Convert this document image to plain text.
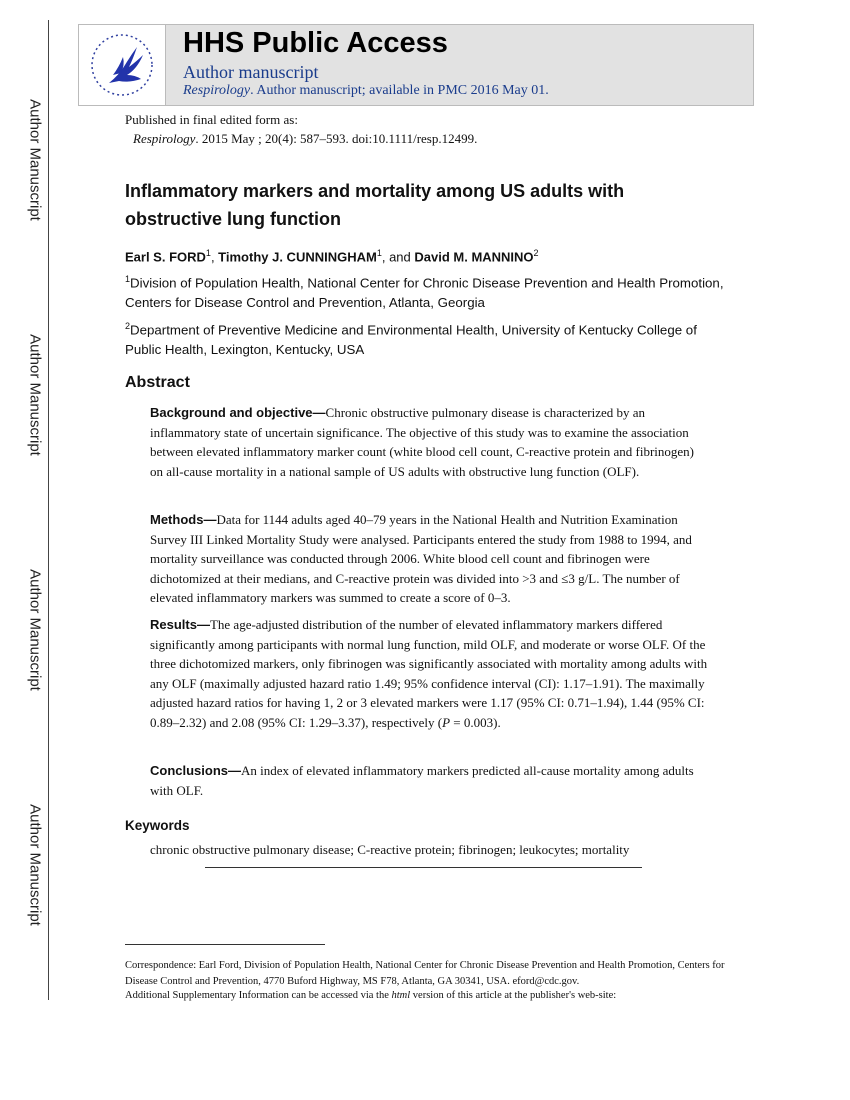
Author Manuscript
Author Manuscript
Author Manuscript
Author Manuscript
HHS Public Access
Author manuscript
Respirology. Author manuscript; available in PMC 2016 May 01.
Published in final edited form as:
Respirology. 2015 May ; 20(4): 587–593. doi:10.1111/resp.12499.
Inflammatory markers and mortality among US adults with obstructive lung function
Earl S. FORD$^1$, Timothy J. CUNNINGHAM$^1$, and David M. MANNINO$^2$
$^1$Division of Population Health, National Center for Chronic Disease Prevention and Health Promotion, Centers for Disease Control and Prevention, Atlanta, Georgia
$^2$Department of Preventive Medicine and Environmental Health, University of Kentucky College of Public Health, Lexington, Kentucky, USA
Abstract
Background and objective—Chronic obstructive pulmonary disease is characterized by an inflammatory state of uncertain significance. The objective of this study was to examine the association between elevated inflammatory marker count (white blood cell count, C-reactive protein and fibrinogen) on all-cause mortality in a national sample of US adults with obstructive lung function (OLF).
Methods—Data for 1144 adults aged 40–79 years in the National Health and Nutrition Examination Survey III Linked Mortality Study were analysed. Participants entered the study from 1988 to 1994, and mortality surveillance was conducted through 2006. White blood cell count and fibrinogen were dichotomized at their medians, and C-reactive protein was divided into >3 and ≤3 g/L. The number of elevated inflammatory markers was summed to create a score of 0–3.
Results—The age-adjusted distribution of the number of elevated inflammatory markers differed significantly among participants with normal lung function, mild OLF, and moderate or worse OLF. Of the three dichotomized markers, only fibrinogen was significantly associated with mortality among adults with any OLF (maximally adjusted hazard ratio 1.49; 95% confidence interval (CI): 1.17–1.91). The maximally adjusted hazard ratios for having 1, 2 or 3 elevated markers were 1.17 (95% CI: 0.71–1.94), 1.44 (95% CI: 0.89–2.32) and 2.08 (95% CI: 1.29–3.37), respectively (P = 0.003).
Conclusions—An index of elevated inflammatory markers predicted all-cause mortality among adults with OLF.
Keywords
chronic obstructive pulmonary disease; C-reactive protein; fibrinogen; leukocytes; mortality
Correspondence: Earl Ford, Division of Population Health, National Center for Chronic Disease Prevention and Health Promotion, Centers for Disease Control and Prevention, 4770 Buford Highway, MS F78, Atlanta, GA 30341, USA. eford@cdc.gov.
Additional Supplementary Information can be accessed via the html version of this article at the publisher's web-site:
